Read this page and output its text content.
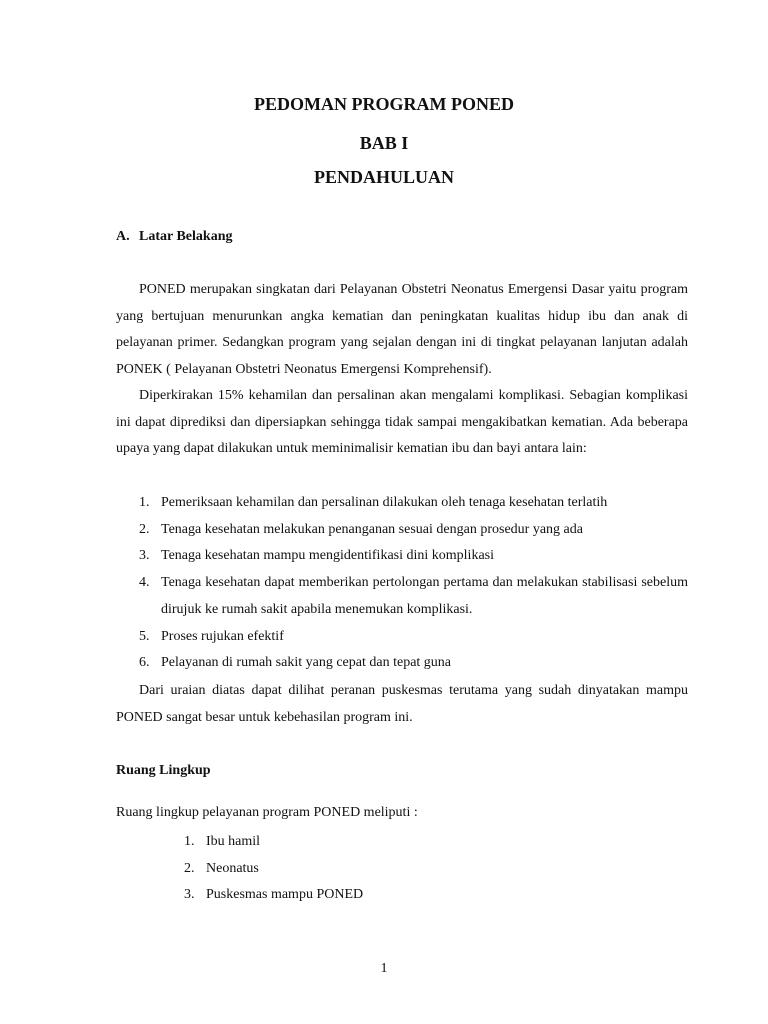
PEDOMAN PROGRAM PONED
BAB I
PENDAHULUAN
A. Latar Belakang

PONED merupakan singkatan dari Pelayanan Obstetri Neonatus Emergensi Dasar yaitu program yang bertujuan menurunkan angka kematian dan peningkatan kualitas hidup ibu dan anak di pelayanan primer. Sedangkan program yang sejalan dengan ini di tingkat pelayanan lanjutan adalah PONEK ( Pelayanan Obstetri Neonatus Emergensi Komprehensif).

Diperkirakan 15% kehamilan dan persalinan akan mengalami komplikasi. Sebagian komplikasi ini dapat diprediksi dan dipersiapkan sehingga tidak sampai mengakibatkan kematian. Ada beberapa upaya yang dapat dilakukan untuk meminimalisir kematian ibu dan bayi antara lain:

1. Pemeriksaan kehamilan dan persalinan dilakukan oleh tenaga kesehatan terlatih
2. Tenaga kesehatan melakukan penanganan sesuai dengan prosedur yang ada
3. Tenaga kesehatan mampu mengidentifikasi dini komplikasi
4. Tenaga kesehatan dapat memberikan pertolongan pertama dan melakukan stabilisasi sebelum dirujuk ke rumah sakit apabila menemukan komplikasi.
5. Proses rujukan efektif
6. Pelayanan di rumah sakit yang cepat dan tepat guna

Dari uraian diatas dapat dilihat peranan puskesmas terutama yang sudah dinyatakan mampu PONED sangat besar untuk kebehasilan program ini.

Ruang Lingkup

Ruang lingkup pelayanan program PONED meliputi :

1. Ibu hamil
2. Neonatus
3. Puskesmas mampu PONED
1
